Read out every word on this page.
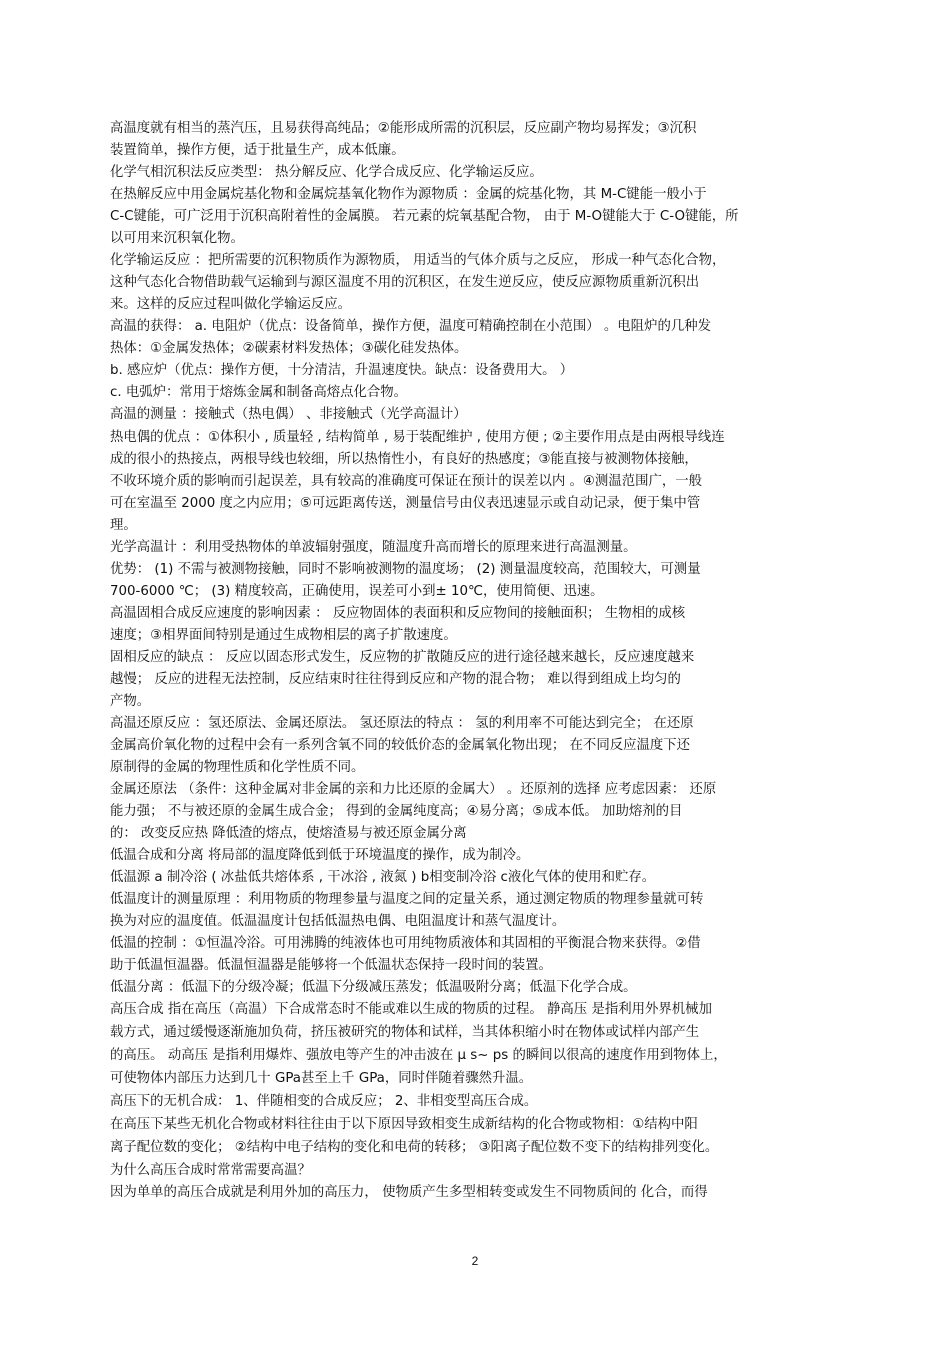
高温度就有相当的蒸汽压，且易获得高纯品；②能形成所需的沉积层，反应副产物均易挥发；③沉积
装置简单，操作方便，适于批量生产，成本低廉。
化学气相沉积法反应类型： 热分解反应、化学合成反应、化学输运反应。
在热解反应中用金属烷基化物和金属烷基氧化物作为源物质 ：金属的烷基化物，其 M-C键能一般小于
C-C键能，可广泛用于沉积高附着性的金属膜。 若元素的烷氧基配合物， 由于 M-O键能大于 C-O键能，所
以可用来沉积氧化物。
化学输运反应 ：把所需要的沉积物质作为源物质， 用适当的气体介质与之反应， 形成一种气态化合物，
这种气态化合物借助载气运输到与源区温度不用的沉积区，在发生逆反应，使反应源物质重新沉积出
来。这样的反应过程叫做化学输运反应。
高温的获得： a. 电阻炉（优点：设备简单，操作方便，温度可精确控制在小范围） 。电阻炉的几种发
热体：①金属发热体；②碳素材料发热体；③碳化硅发热体。
b. 感应炉（优点：操作方便，十分清洁，升温速度快。缺点：设备费用大。 ）
c. 电弧炉：常用于熔炼金属和制备高熔点化合物。
高温的测量 ：接触式（热电偶） 、非接触式（光学高温计）
热电偶的优点 ：①体积小 , 质量轻 , 结构简单 , 易于装配维护 , 使用方便 ; ②主要作用点是由两根导线连
成的很小的热接点，两根导线也较细，所以热惰性小，有良好的热感度；③能直接与被测物体接触，
不收环境介质的影响而引起误差，具有较高的准确度可保证在预计的误差以内 。④测温范围广，一般
可在室温至 2000 度之内应用；⑤可远距离传送，测量信号由仪表迅速显示或自动记录，便于集中管
理。
光学高温计 ：利用受热物体的单波辐射强度，随温度升高而增长的原理来进行高温测量。
优势： (1) 不需与被测物接触，同时不影响被测物的温度场； (2) 测量温度较高，范围较大，可测量
700-6000 ℃； (3) 精度较高，正确使用，误差可小到± 10℃，使用简便、迅速。
高温固相合成反应速度的影响因素 ： 反应物固体的表面积和反应物间的接触面积； 生物相的成核
速度；③相界面间特别是通过生成物相层的离子扩散速度。
固相反应的缺点 ： 反应以固态形式发生，反应物的扩散随反应的进行途径越来越长，反应速度越来
越慢； 反应的进程无法控制，反应结束时往往得到反应和产物的混合物； 难以得到组成上均匀的
产物。
高温还原反应 ：氢还原法、金属还原法。 氢还原法的特点 ： 氢的利用率不可能达到完全； 在还原
金属高价氧化物的过程中会有一系列含氧不同的较低价态的金属氧化物出现； 在不同反应温度下还
原制得的金属的物理性质和化学性质不同。
金属还原法 （条件：这种金属对非金属的亲和力比还原的金属大） 。还原剂的选择 应考虑因素： 还原
能力强； 不与被还原的金属生成合金； 得到的金属纯度高；④易分离；⑤成本低。 加助熔剂的目
的： 改变反应热 降低渣的熔点，使熔渣易与被还原金属分离
低温合成和分离 将局部的温度降低到低于环境温度的操作，成为制冷。
低温源 a 制冷浴 ( 冰盐低共熔体系 , 干冰浴 , 液氮 ) b相变制冷浴 c液化气体的使用和贮存。
低温度计的测量原理 ：利用物质的物理参量与温度之间的定量关系，通过测定物质的物理参量就可转
换为对应的温度值。低温温度计包括低温热电偶、电阻温度计和蒸气温度计。
低温的控制 ：①恒温冷浴。可用沸腾的纯液体也可用纯物质液体和其固相的平衡混合物来获得。②借
助于低温恒温器。低温恒温器是能够将一个低温状态保持一段时间的装置。
低温分离 ：低温下的分级冷凝；低温下分级减压蒸发；低温吸附分离；低温下化学合成。
高压合成 指在高压（高温）下合成常态时不能或难以生成的物质的过程。 静高压 是指利用外界机械加
载方式，通过缓慢逐渐施加负荷，挤压被研究的物体和试样，当其体积缩小时在物体或试样内部产生
的高压。 动高压 是指利用爆炸、强放电等产生的冲击波在 μ s~ ps 的瞬间以很高的速度作用到物体上，
可使物体内部压力达到几十 GPa甚至上千 GPa，同时伴随着骤然升温。
高压下的无机合成： 1、伴随相变的合成反应； 2、非相变型高压合成。
在高压下某些无机化合物或材料往往由于以下原因导致相变生成新结构的化合物或物相：①结构中阳
离子配位数的变化； ②结构中电子结构的变化和电荷的转移； ③阳离子配位数不变下的结构排列变化。
为什么高压合成时常常需要高温？
因为单单的高压合成就是利用外加的高压力， 使物质产生多型相转变或发生不同物质间的 化合，而得
2
